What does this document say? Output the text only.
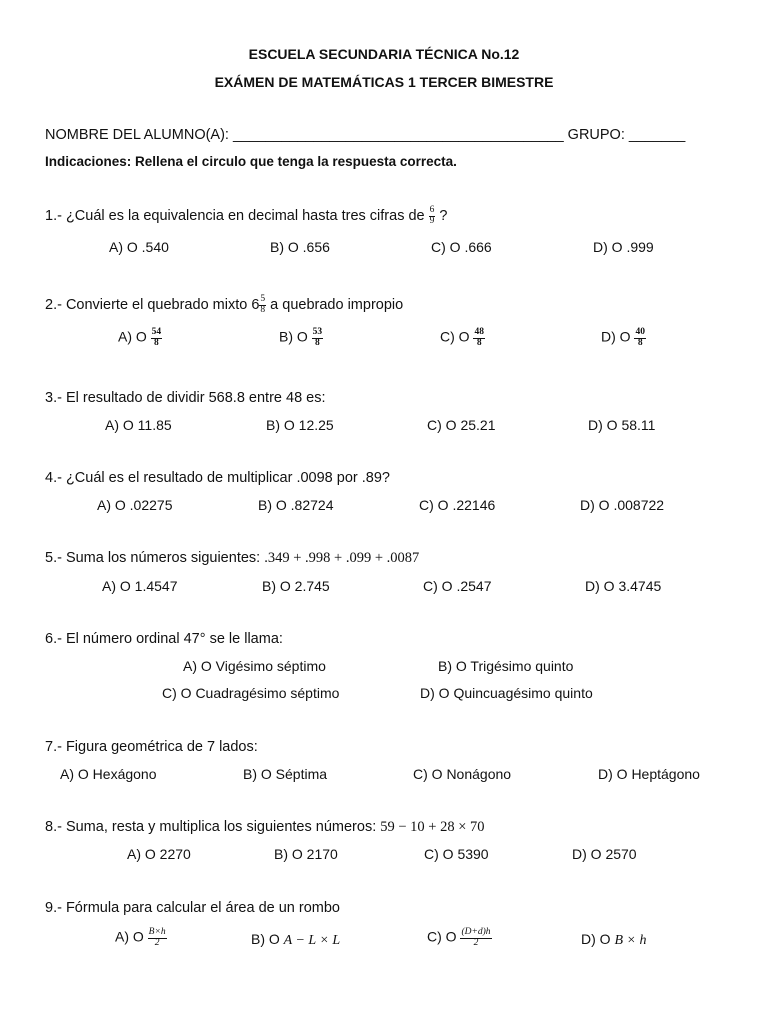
ESCUELA SECUNDARIA TÉCNICA No.12
EXÁMEN DE MATEMÁTICAS 1 TERCER BIMESTRE
NOMBRE DEL ALUMNO(A): _________________________________________ GRUPO: _______
Indicaciones: Rellena el circulo que tenga la respuesta correcta.
1.- ¿Cuál es la equivalencia en decimal hasta tres cifras de $\frac{6}{9}$ ?
A) O .540	B) O .656	C) O .666	D) O .999
2.- Convierte el quebrado mixto $6 \frac{5}{8}$ a quebrado impropio
A) O $\frac{54}{8}$	B) O $\frac{53}{8}$	C) O $\frac{48}{8}$	D) O $\frac{40}{8}$
3.- El resultado de dividir 568.8 entre 48 es:
A) O 11.85	B) O 12.25	C) O 25.21	D) O 58.11
4.- ¿Cuál es el resultado de multiplicar .0098 por .89?
A) O .02275	B) O .82724	C) O .22146	D) O .008722
5.- Suma los números siguientes: .349 + .998 + .099 + .0087
A) O 1.4547	B) O 2.745	C) O .2547	D) O 3.4745
6.- El número ordinal 47° se le llama:
A) O Vigésimo séptimo	B) O Trigésimo quinto
C) O Cuadragésimo séptimo	D) O Quincuagésimo quinto
7.- Figura geométrica de 7 lados:
A) O Hexágono	B) O Séptima	C) O Nonágono	D) O Heptágono
8.- Suma, resta y multiplica los siguientes números: 59 − 10 + 28 × 70
A) O 2270	B) O 2170	C) O 5390	D) O 2570
9.- Fórmula para calcular el área de un rombo
A) O $\frac{B\times h}{2}$	B) O A − L × L	C) O $\frac{(D+d)h}{2}$	D) O B × h
